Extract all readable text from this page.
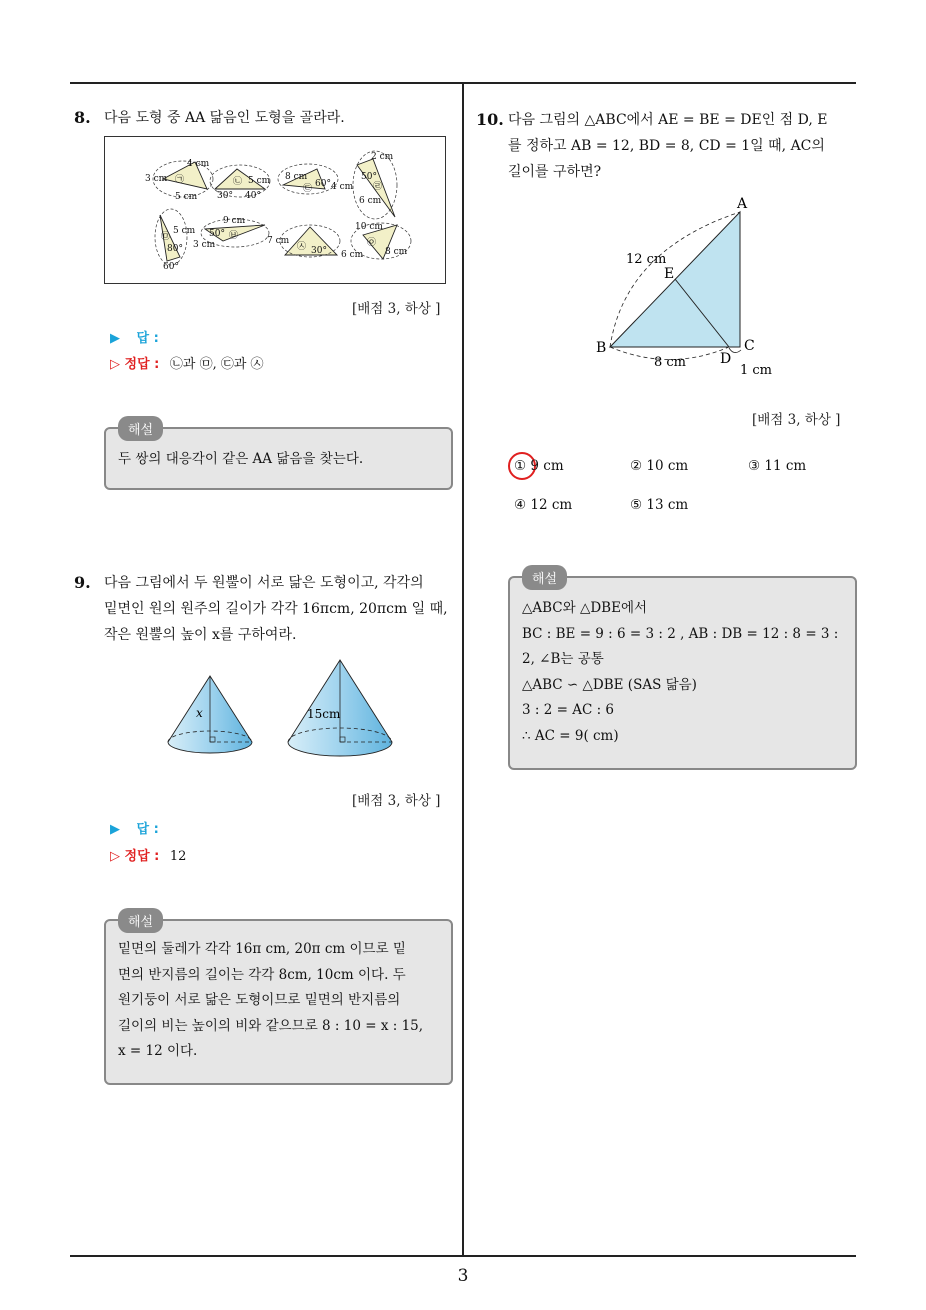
3
8. 다음 도형 중 AA 닮음인 도형을 골라라.
3 cm
4 cm
5 cm
㉠	5 cm
30° 40°
㉡	8 cm
60° 4 cm
㉢
2 cm
50°
6 cm
㉣
5 cm
80°
60°
㉤
9 cm
50°
3 cm
㉥	7 cm
30°
㉦
10 cm
6 cm 8 cm
㉧
[배점 3, 하상 ]
▶ 답 :
▷ 정답 : ㉡과 ㉤, ㉢과 ㉦
두 쌍의 대응각이 같은 AA 닮음을 찾는다.
해설
9. 다음 그림에서 두 원뿔이 서로 닮은 도형이고, 각각의
밑면인 원의 원주의 길이가 각각 16πcm, 20πcm 일 때,
작은 원뿔의 높이 x를 구하여라.
x	15cm
[배점 3, 하상 ]
▶ 답 :
▷ 정답 : 12
밑면의 둘레가 각각 16π cm, 20π cm 이므로 밑
면의 반지름의 길이는 각각 8cm, 10cm 이다. 두
원기둥이 서로 닮은 도형이므로 밑면의 반지름의
길이의 비는 높이의 비와 같으므로 8 : 10 = x : 15,
x = 12 이다.
해설
10. 다음 그림의 △ABC에서 AE = BE = DE인 점 D, E
를 정하고 AB = 12, BD = 8, CD = 1일 때, AC의
길이를 구하면?
A
B	C
D
E
12 cm
8 cm
1 cm
[배점 3, 하상 ]
① 9 cm	② 10 cm	③ 11 cm
④ 12 cm	⑤ 13 cm
△ABC와 △DBE에서
BC : BE = 9 : 6 = 3 : 2 , AB : DB = 12 : 8 = 3 :
2, ∠B는 공통
△ABC ∽ △DBE (SAS 닮음)
3 : 2 = AC : 6
∴ AC = 9( cm)
해설
